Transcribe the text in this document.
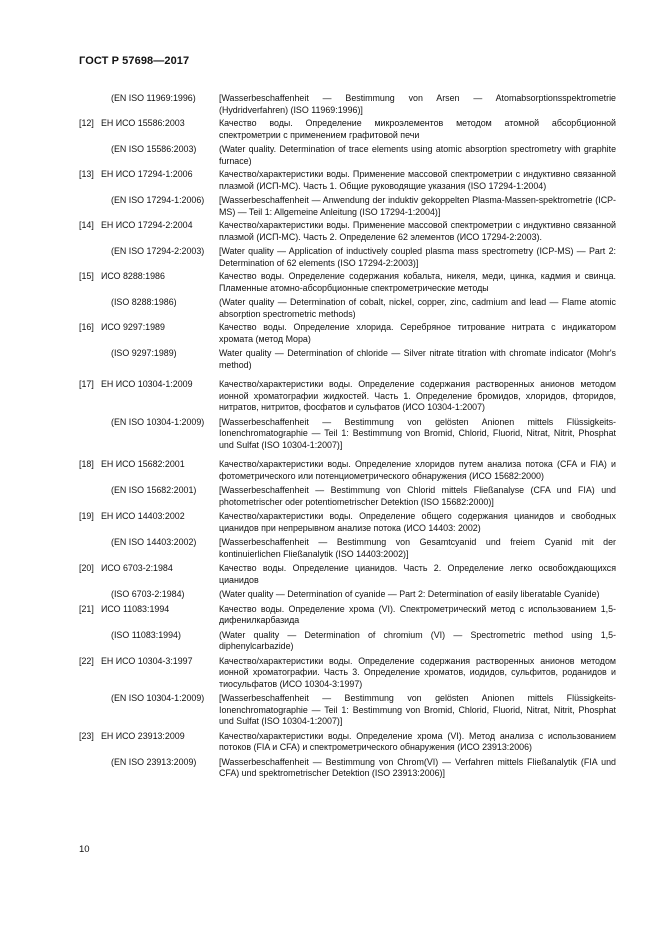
ГОСТ Р 57698—2017
(EN ISO 11969:1996)	[Wasserbeschaffenheit — Bestimmung von Arsen — Atomabsorptionsspektrometrie (Hydridverfahren) (ISO 11969:1996)]
[12] ЕН ИСО 15586:2003	Качество воды. Определение микроэлементов методом атомной абсорбционной спектрометрии с применением графитовой печи
(EN ISO 15586:2003)	(Water quality. Determination of trace elements using atomic absorption spectrometry with graphite furnace)
[13] ЕН ИСО 17294-1:2006	Качество/характеристики воды. Применение массовой спектрометрии с индуктивно связанной плазмой (ИСП-МС). Часть 1. Общие руководящие указания (ISO 17294-1:2004)
(EN ISO 17294-1:2006) [Wasserbeschaffenheit — Anwendung der induktiv gekoppelten Plasma-Massen-spektrometrie (ICP-MS) — Teil 1: Allgemeine Anleitung (ISO 17294-1:2004)]
[14] ЕН ИСО 17294-2:2004	Качество/характеристики воды. Применение массовой спектрометрии с индуктивно связанной плазмой (ИСП-МС). Часть 2. Определение 62 элементов (ИСО 17294-2:2003).
(EN ISO 17294-2:2003) [Water quality — Application of inductively coupled plasma mass spectrometry (ICP-MS) — Part 2: Determination of 62 elements (ISO 17294-2:2003)]
[15] ИСО 8288:1986	Качество воды. Определение содержания кобальта, никеля, меди, цинка, кадмия и свинца. Пламенные атомно-абсорбционные спектрометрические методы
(ISO 8288:1986)	(Water quality — Determination of cobalt, nickel, copper, zinc, cadmium and lead — Flame atomic absorption spectrometric methods)
[16] ИСО 9297:1989	Качество воды. Определение хлорида. Серебряное титрование нитрата с индикатором хромата (метод Мора)
(ISO 9297:1989)	Water quality — Determination of chloride — Silver nitrate titration with chromate indicator (Mohr's method)
[17] ЕН ИСО 10304-1:2009	Качество/характеристики воды. Определение содержания растворенных анионов методом ионной хроматографии жидкостей. Часть 1. Определение бромидов, хлоридов, фторидов, нитратов, нитритов, фосфатов и сульфатов (ИСО 10304-1:2007)
(EN ISO 10304-1:2009) [Wasserbeschaffenheit — Bestimmung von gelösten Anionen mittels Flüssigkeits-Ionenchromatographie — Teil 1: Bestimmung von Bromid, Chlorid, Fluorid, Nitrat, Nitrit, Phosphat und Sulfat (ISO 10304-1:2007)]
[18] ЕН ИСО 15682:2001	Качество/характеристики воды. Определение хлоридов путем анализа потока (CFA и FIA) и фотометрического или потенциометрического обнаружения (ИСО 15682:2000)
(EN ISO 15682:2001)	[Wasserbeschaffenheit — Bestimmung von Chlorid mittels Fließanalyse (CFA und FIA) und photometrischer oder potentiometrischer Detektion (ISO 15682:2000)]
[19] ЕН ИСО 14403:2002	Качество/характеристики воды. Определение общего содержания цианидов и свободных цианидов при непрерывном анализе потока (ИСО 14403: 2002)
(EN ISO 14403:2002)	[Wasserbeschaffenheit — Bestimmung von Gesamtcyanid und freiem Cyanid mit der kontinuierlichen Fließanalytik (ISO 14403:2002)]
[20] ИСО 6703-2:1984	Качество воды. Определение цианидов. Часть 2. Определение легко освобождающихся цианидов
(ISO 6703-2:1984)	(Water quality — Determination of cyanide — Part 2: Determination of easily liberatable Cyanide)
[21] ИСО 11083:1994	Качество воды. Определение хрома (VI). Спектрометрический метод с использованием 1,5-дифенилкарбазида
(ISO 11083:1994)	(Water quality — Determination of chromium (VI) — Spectrometric method using 1,5-diphenylcarbazide)
[22] ЕН ИСО 10304-3:1997	Качество/характеристики воды. Определение содержания растворенных анионов методом ионной хроматографии. Часть 3. Определение хроматов, иодидов, сульфитов, роданидов и тиосульфатов (ИСО 10304-3:1997)
(EN ISO 10304-1:2009) [Wasserbeschaffenheit — Bestimmung von gelösten Anionen mittels Flüssigkeits-Ionenchromatographie — Teil 1: Bestimmung von Bromid, Chlorid, Fluorid, Nitrat, Nitrit, Phosphat und Sulfat (ISO 10304-1:2007)]
[23] ЕН ИСО 23913:2009	Качество/характеристики воды. Определение хрома (VI). Метод анализа с использованием потоков (FIA и CFA) и спектрометрического обнаружения (ИСО 23913:2006)
(EN ISO 23913:2009)	[Wasserbeschaffenheit — Bestimmung von Chrom(VI) — Verfahren mittels Fließanalytik (FIA und CFA) und spektrometrischer Detektion (ISO 23913:2006)]
10
